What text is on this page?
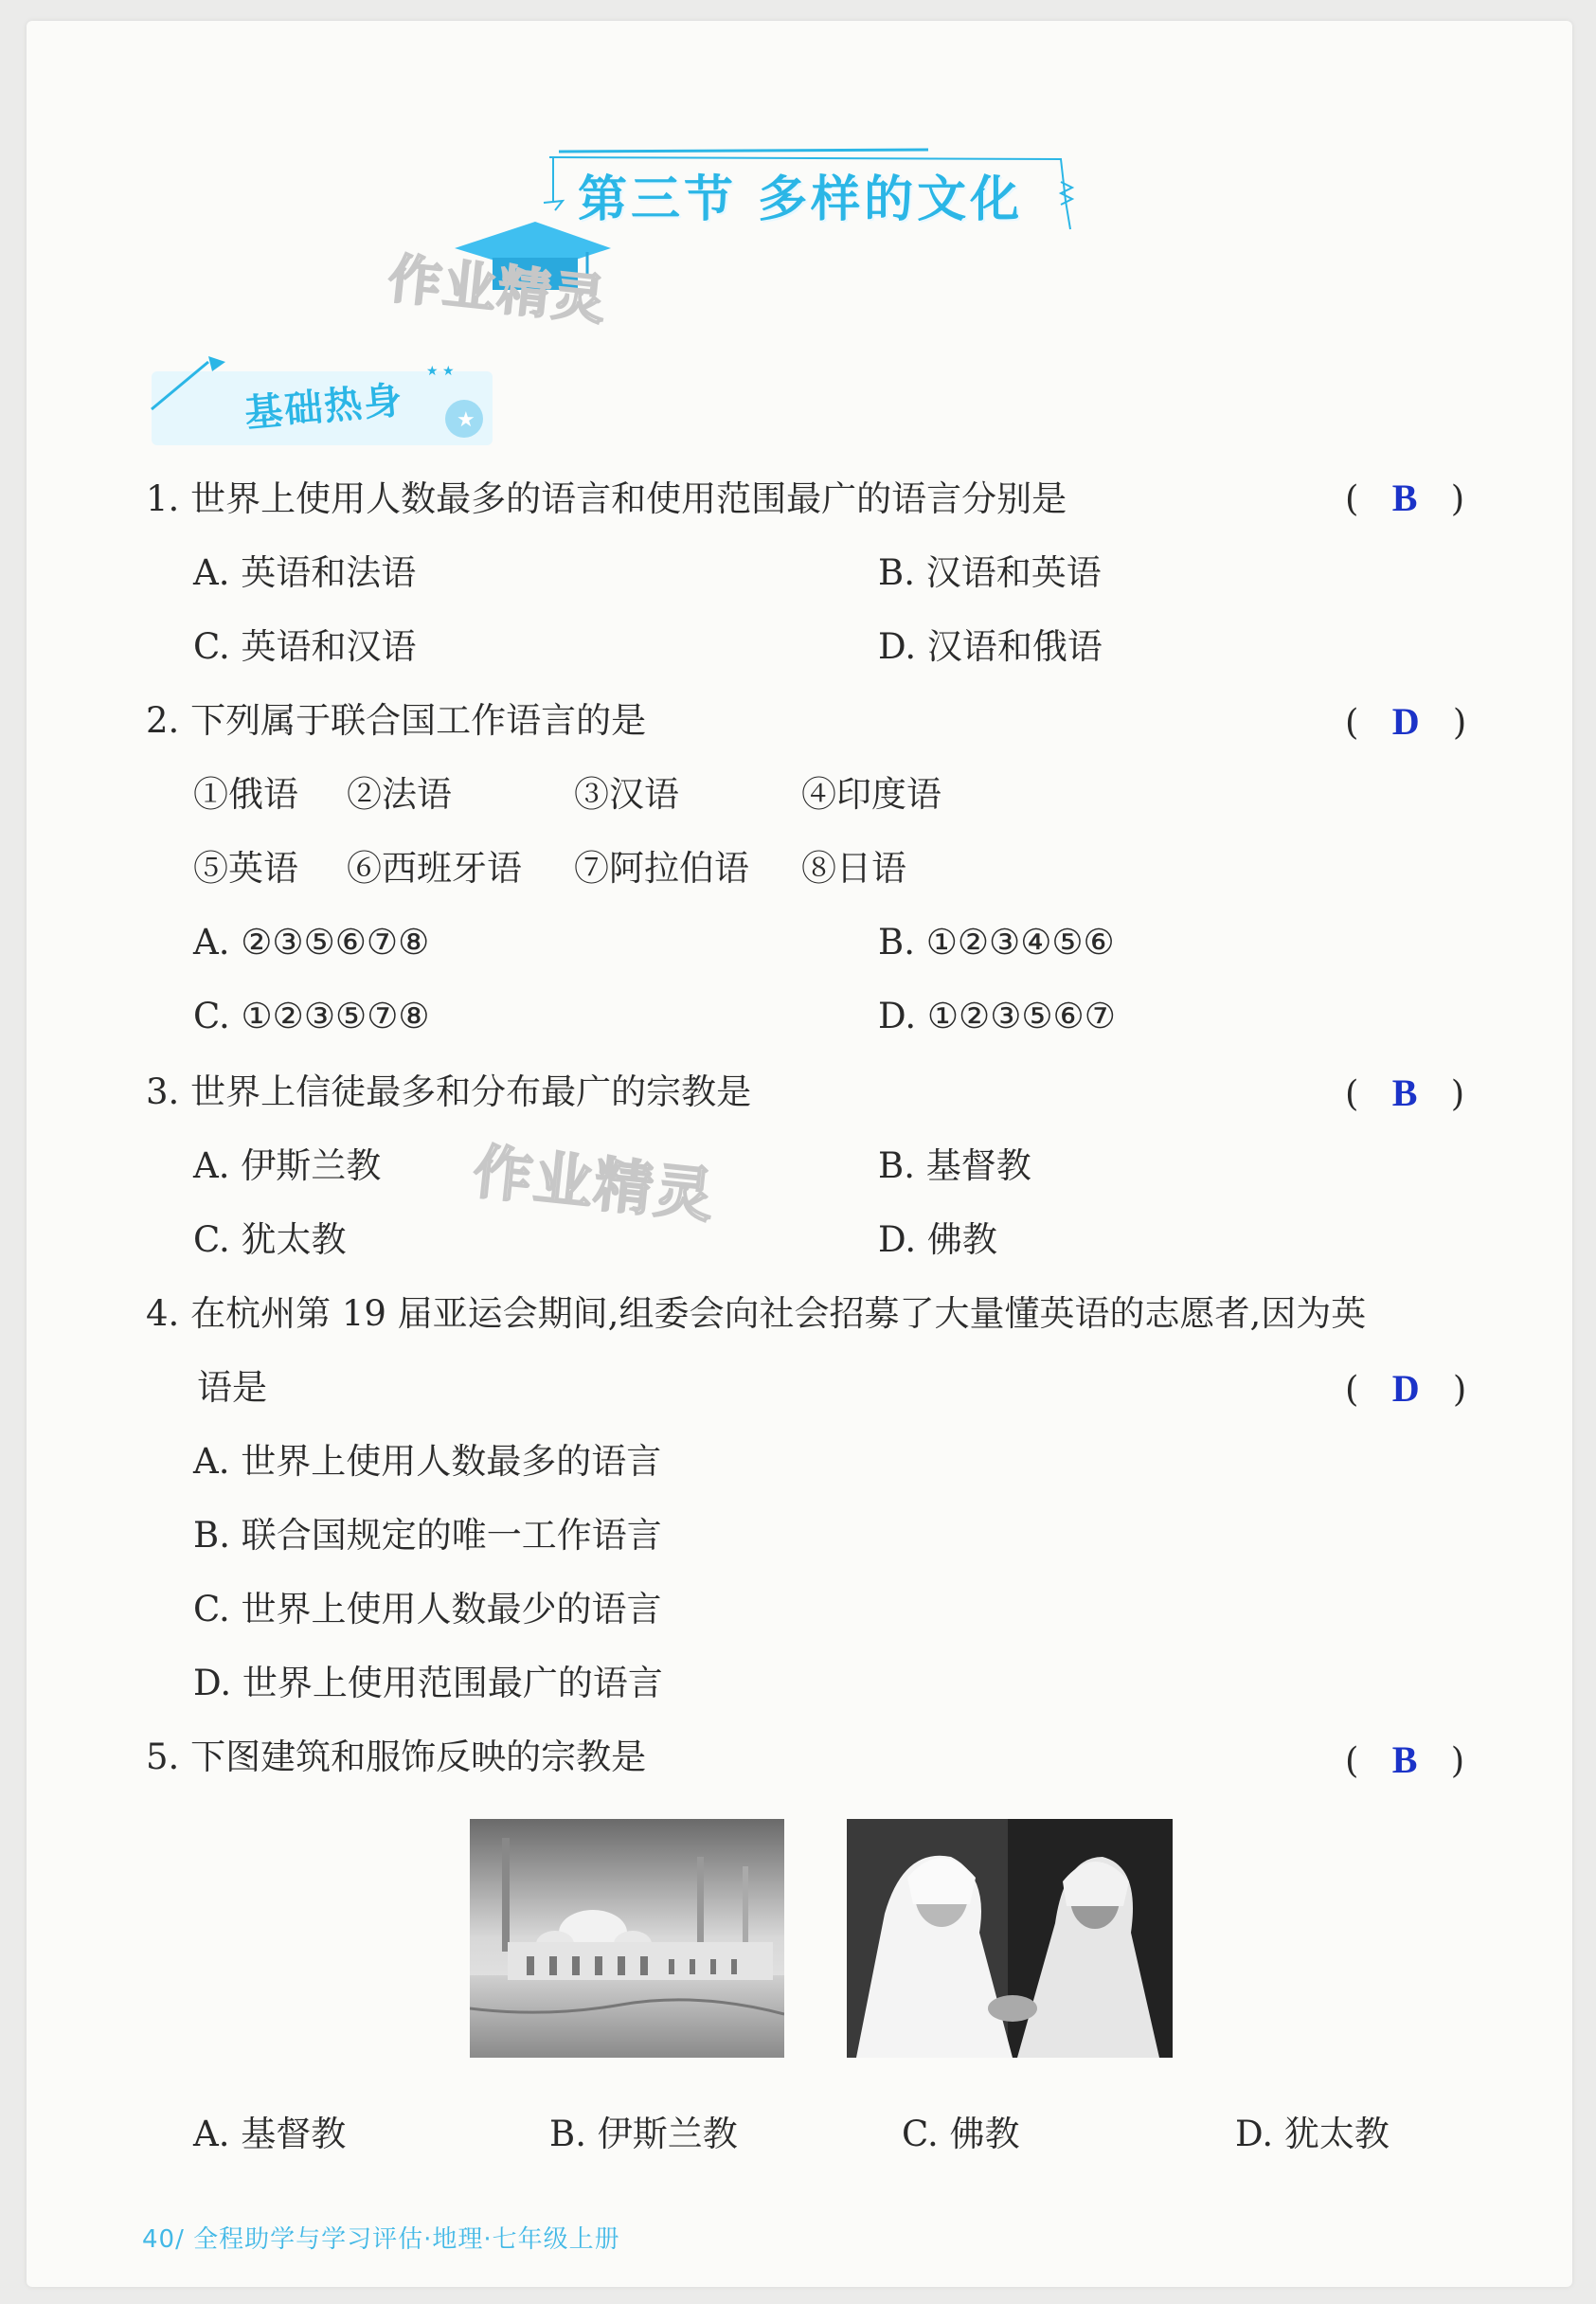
第三节 多样的文化
作业精灵
★
★ ★
基础热身
1. 世界上使用人数最多的语言和使用范围最广的语言分别是	( B )
A. 英语和法语	B. 汉语和英语
C. 英语和汉语	D. 汉语和俄语
2. 下列属于联合国工作语言的是	( D )
①俄语 ②法语	③汉语	④印度语
⑤英语 ⑥西班牙语 ⑦阿拉伯语 ⑧日语
A. ②③⑤⑥⑦⑧	B. ①②③④⑤⑥
C. ①②③⑤⑦⑧	D. ①②③⑤⑥⑦
3. 世界上信徒最多和分布最广的宗教是	( B )
A. 伊斯兰教	B. 基督教
C. 犹太教	D. 佛教
作业精灵
4. 在杭州第 19 届亚运会期间,组委会向社会招募了大量懂英语的志愿者,因为英
语是	( D )
A. 世界上使用人数最多的语言
B. 联合国规定的唯一工作语言
C. 世界上使用人数最少的语言
D. 世界上使用范围最广的语言
5. 下图建筑和服饰反映的宗教是	( B )
A. 基督教	B. 伊斯兰教	C. 佛教	D. 犹太教
40/ 全程助学与学习评估·地理·七年级上册
